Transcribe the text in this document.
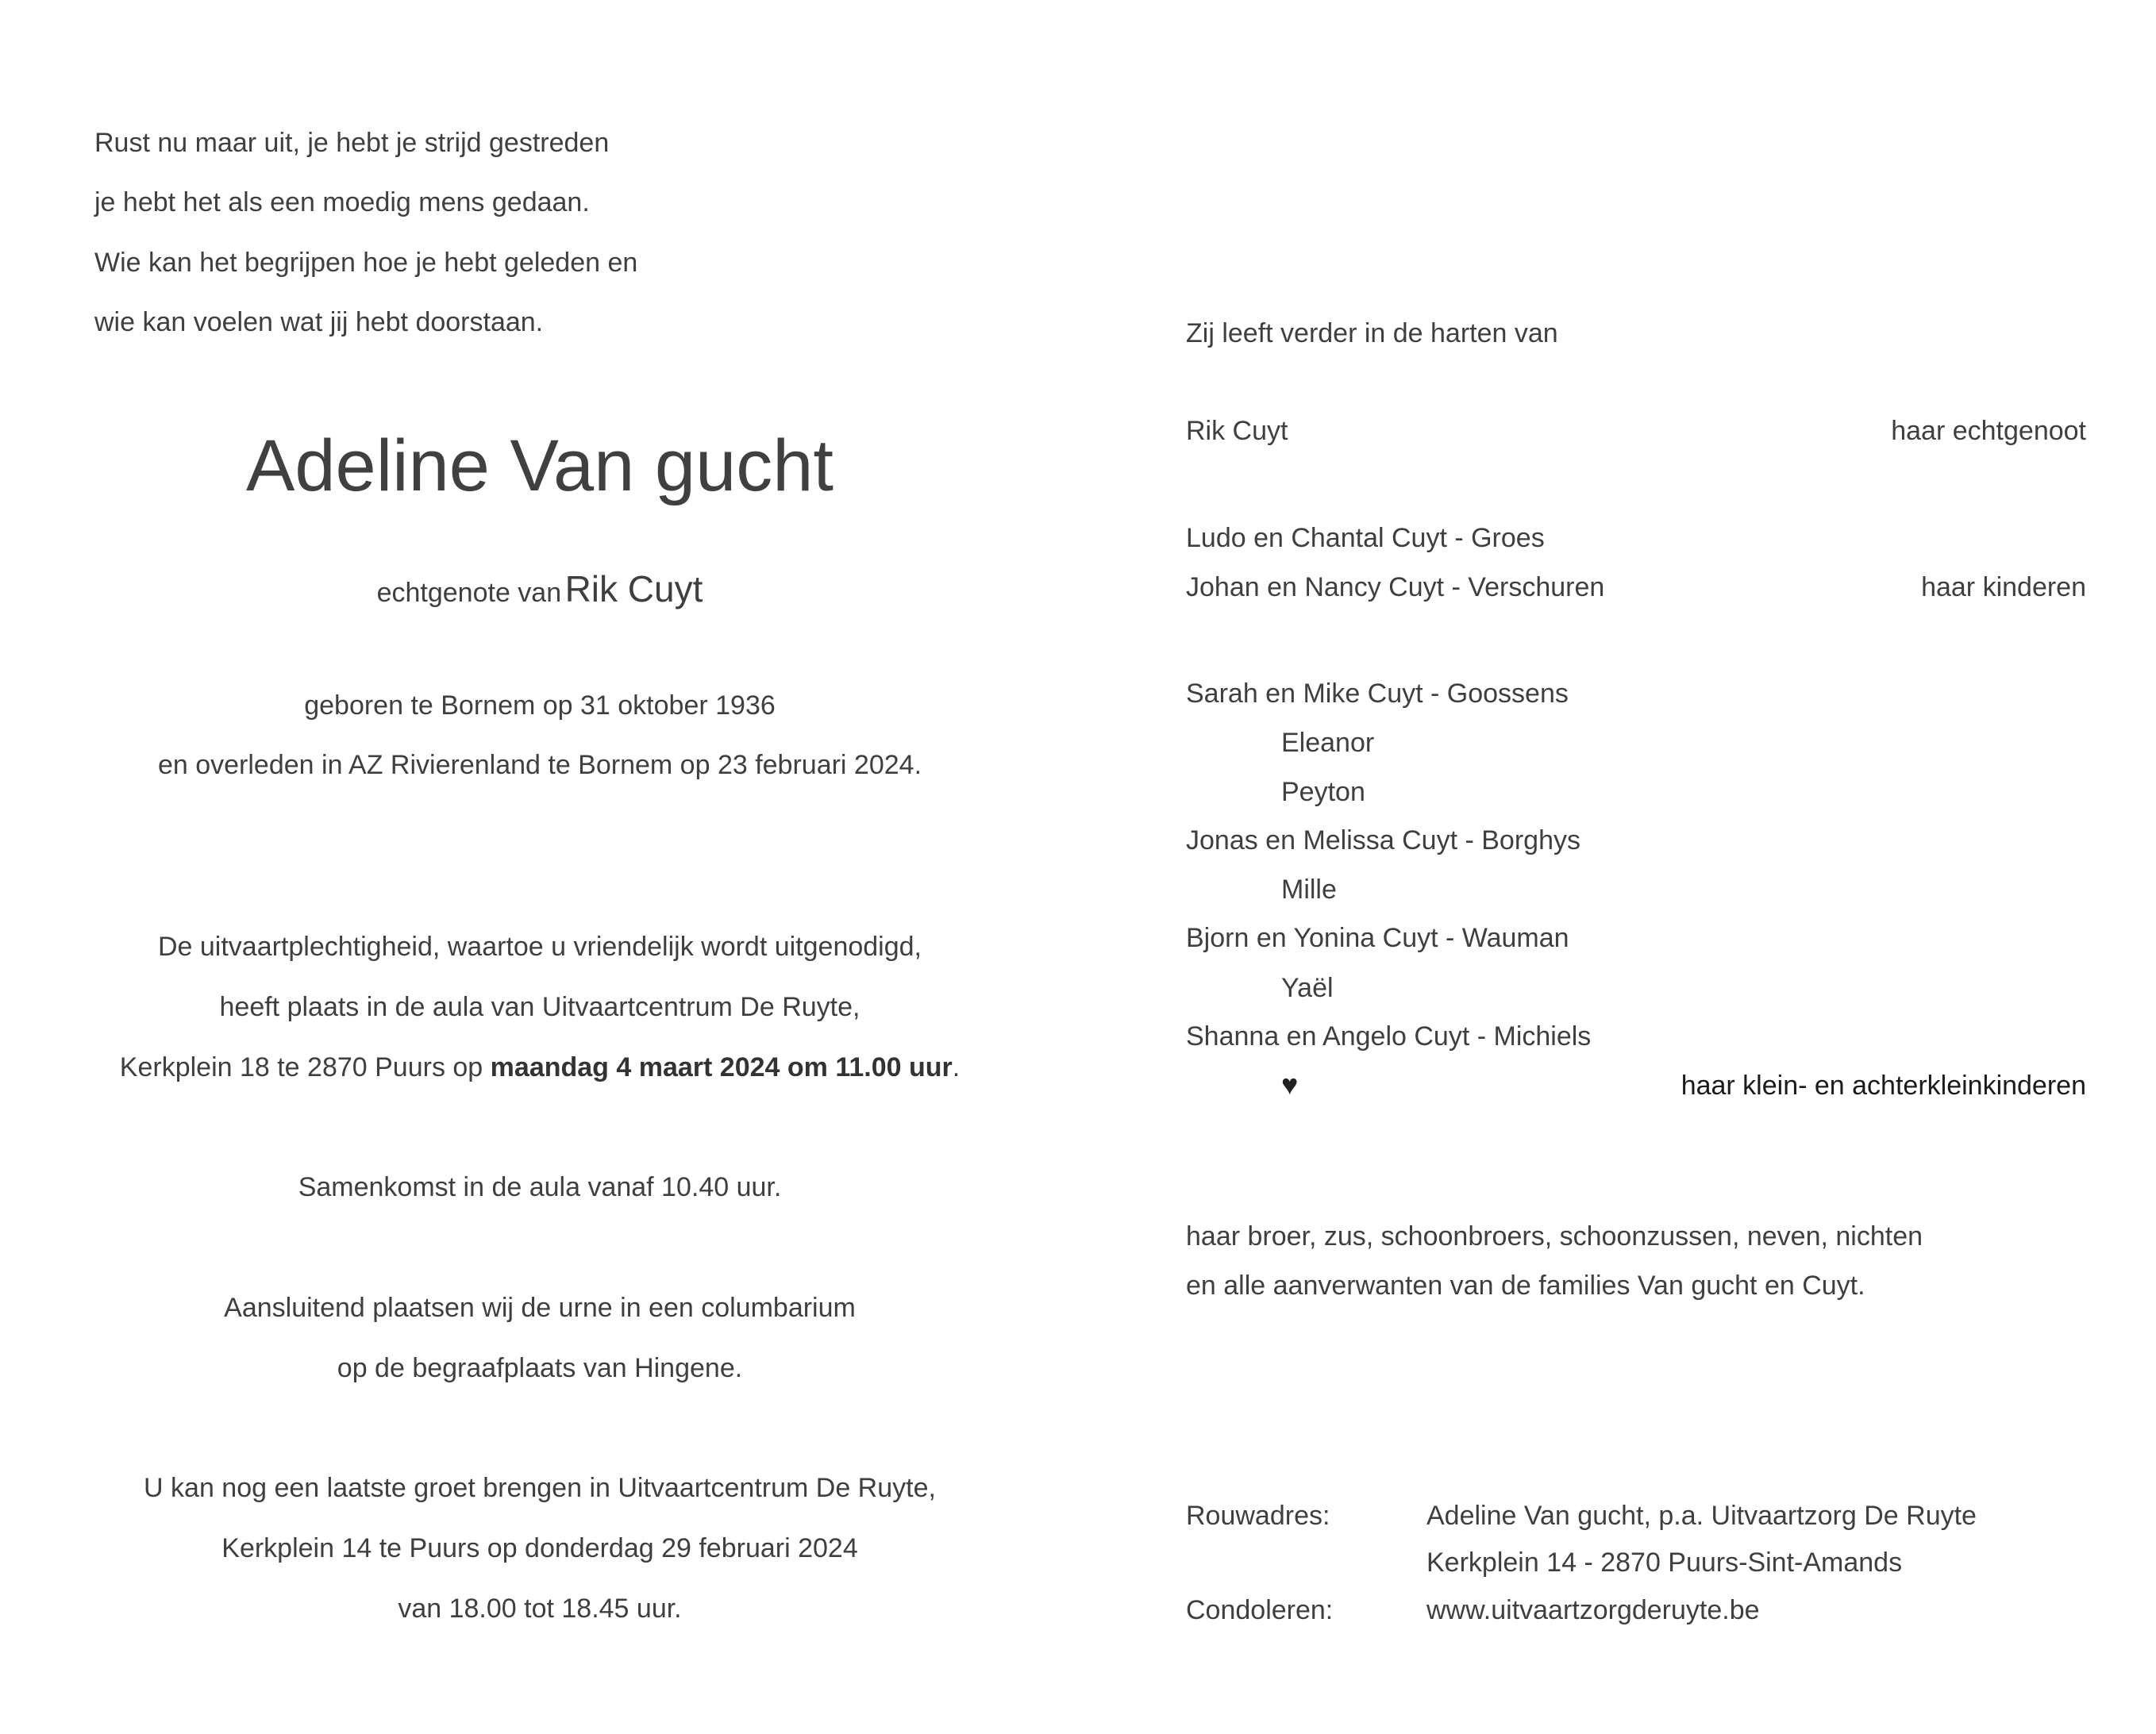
Rust nu maar uit, je hebt je strijd gestreden
je hebt het als een moedig mens gedaan.
Wie kan het begrijpen hoe je hebt geleden en
wie kan voelen wat jij hebt doorstaan.
Adeline Van gucht
echtgenote van Rik Cuyt
geboren te Bornem op 31 oktober 1936
en overleden in AZ Rivierenland te Bornem op 23 februari 2024.
De uitvaartplechtigheid, waartoe u vriendelijk wordt uitgenodigd,
heeft plaats in de aula van Uitvaartcentrum De Ruyte,
Kerkplein 18 te 2870 Puurs op maandag 4 maart 2024 om 11.00 uur.
Samenkomst in de aula vanaf 10.40 uur.
Aansluitend plaatsen wij de urne in een columbarium
op de begraafplaats van Hingene.
U kan nog een laatste groet brengen in Uitvaartcentrum De Ruyte,
Kerkplein 14 te Puurs op donderdag 29 februari 2024
van 18.00 tot 18.45 uur.
Zij leeft verder in de harten van
Rik Cuyt	haar echtgenoot
Ludo en Chantal Cuyt - Groes
Johan en Nancy Cuyt - Verschuren	haar kinderen
Sarah en Mike Cuyt - Goossens
Eleanor
Peyton
Jonas en Melissa Cuyt - Borghys
Mille
Bjorn en Yonina Cuyt - Wauman
Yaël
Shanna en Angelo Cuyt - Michiels
♥	haar klein- en achterkleinkinderen
haar broer, zus, schoonbroers, schoonzussen, neven, nichten
en alle aanverwanten van de families Van gucht en Cuyt.
Rouwadres:	Adeline Van gucht, p.a. Uitvaartzorg De Ruyte
Kerkplein 14 - 2870 Puurs-Sint-Amands
Condoleren:	www.uitvaartzorgderuyte.be
